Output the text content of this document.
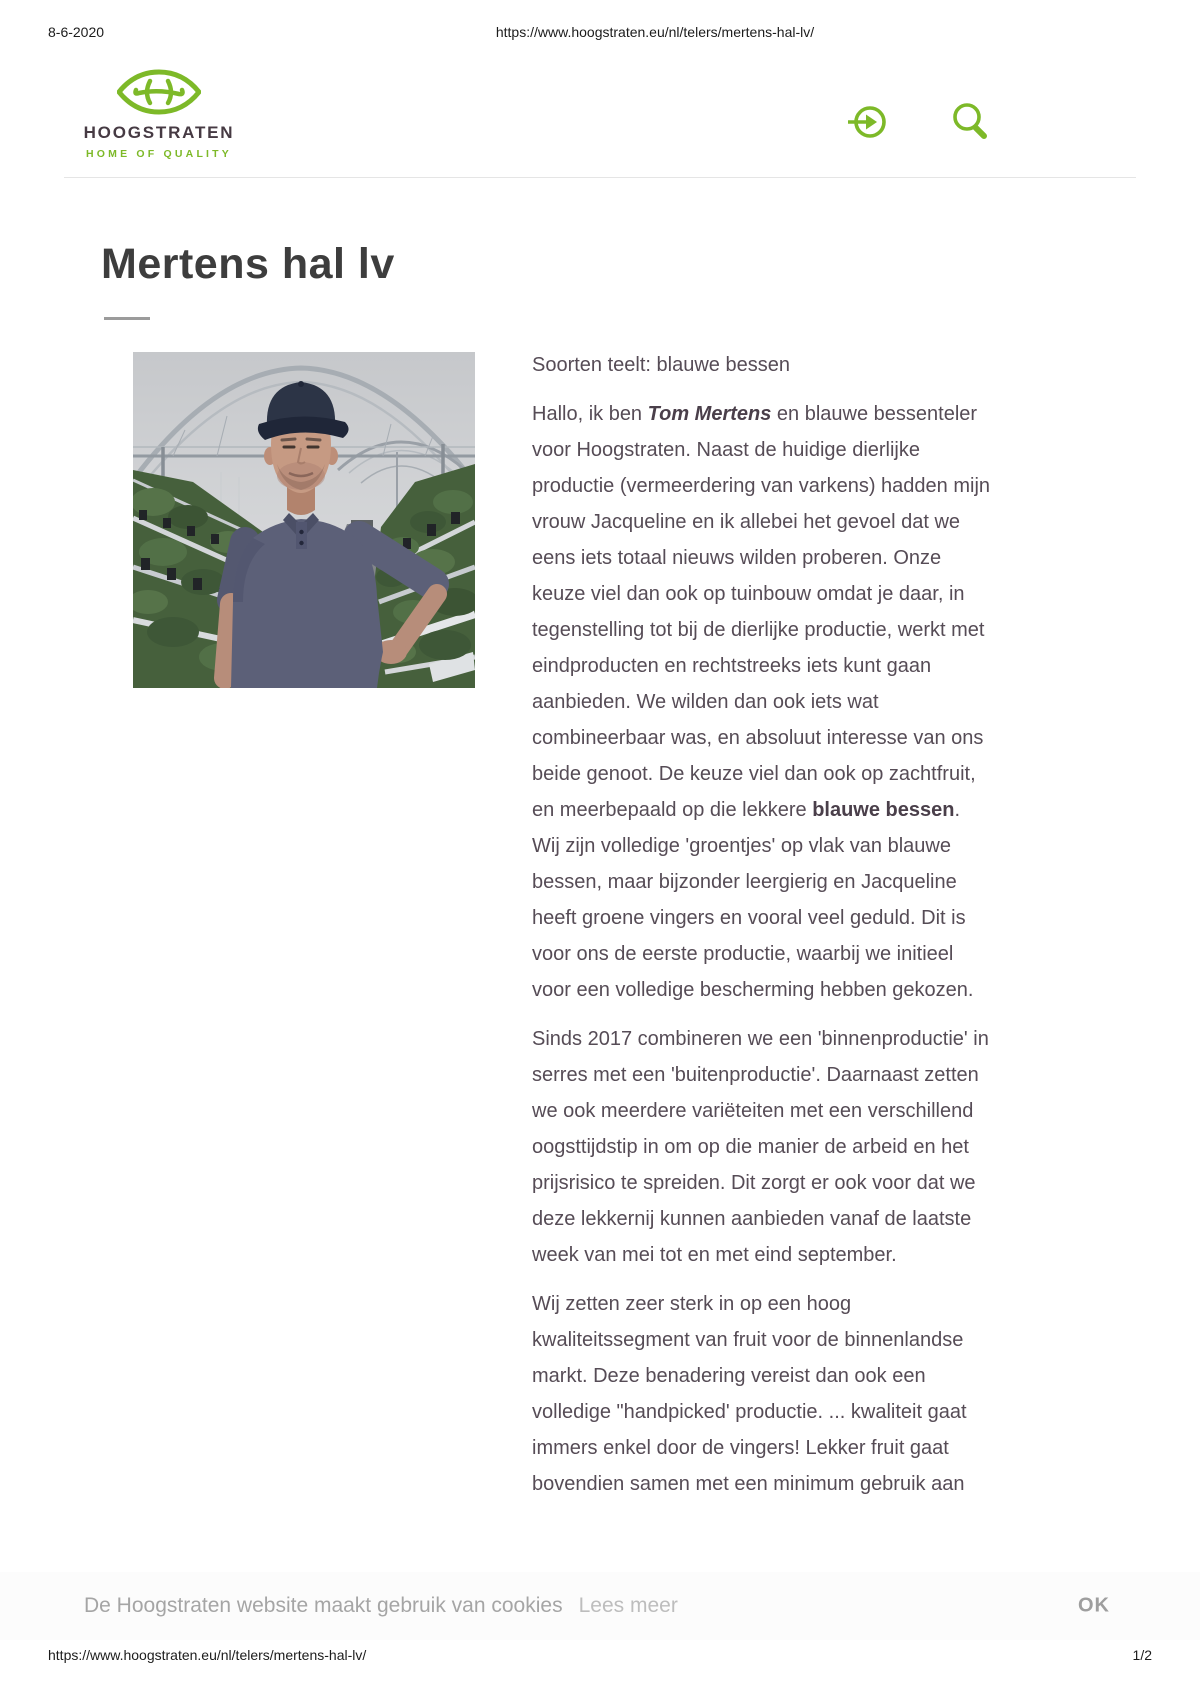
8-6-2020	https://www.hoogstraten.eu/nl/telers/mertens-hal-lv/
HOOGSTRATEN
HOME OF QUALITY
Mertens hal lv

Soorten teelt: blauwe bessen

Hallo, ik ben Tom Mertens en blauwe bessenteler voor Hoogstraten. Naast de huidige dierlijke productie (vermeerdering van varkens) hadden mijn vrouw Jacqueline en ik allebei het gevoel dat we eens iets totaal nieuws wilden proberen. Onze keuze viel dan ook op tuinbouw omdat je daar, in tegenstelling tot bij de dierlijke productie, werkt met eindproducten en rechtstreeks iets kunt gaan aanbieden. We wilden dan ook iets wat combineerbaar was, en absoluut interesse van ons beide genoot. De keuze viel dan ook op zachtfruit, en meerbepaald op die lekkere blauwe bessen. Wij zijn volledige 'groentjes' op vlak van blauwe bessen, maar bijzonder leergierig en Jacqueline heeft groene vingers en vooral veel geduld. Dit is voor ons de eerste productie, waarbij we initieel voor een volledige bescherming hebben gekozen.

Sinds 2017 combineren we een 'binnenproductie' in serres met een 'buitenproductie'. Daarnaast zetten we ook meerdere variëteiten met een verschillend oogsttijdstip in om op die manier de arbeid en het prijsrisico te spreiden. Dit zorgt er ook voor dat we deze lekkernij kunnen aanbieden vanaf de laatste week van mei tot en met eind september.

Wij zetten zeer sterk in op een hoog kwaliteitssegment van fruit voor de binnenlandse markt. Deze benadering vereist dan ook een volledige "handpicked' productie. ... kwaliteit gaat immers enkel door de vingers! Lekker fruit gaat bovendien samen met een minimum gebruik aan

De Hoogstraten website maakt gebruik van cookies Lees meer	OK
https://www.hoogstraten.eu/nl/telers/mertens-hal-lv/	1/2
